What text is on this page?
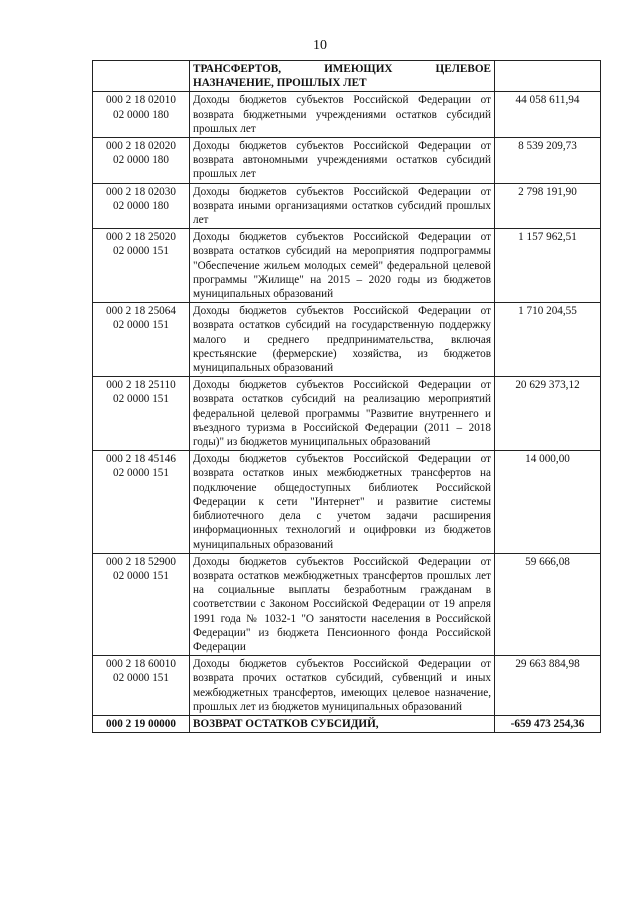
10
	ТРАНСФЕРТОВ, ИМЕЮЩИХ ЦЕЛЕВОЕ НАЗНАЧЕНИЕ, ПРОШЛЫХ ЛЕТ	
000 2 18 02010
02 0000 180	Доходы бюджетов субъектов Российской Федерации от возврата бюджетными учреждениями остатков субсидий прошлых лет	44 058 611,94
000 2 18 02020
02 0000 180	Доходы бюджетов субъектов Российской Федерации от возврата автономными учреждениями остатков субсидий прошлых лет	8 539 209,73
000 2 18 02030
02 0000 180	Доходы бюджетов субъектов Российской Федерации от возврата иными организациями остатков субсидий прошлых лет	2 798 191,90
000 2 18 25020
02 0000 151	Доходы бюджетов субъектов Российской Федерации от возврата остатков субсидий на мероприятия подпрограммы "Обеспечение жильем молодых семей" федеральной целевой программы "Жилище" на 2015 – 2020 годы из бюджетов муниципальных образований	1 157 962,51
000 2 18 25064
02 0000 151	Доходы бюджетов субъектов Российской Федерации от возврата остатков субсидий на государственную поддержку малого и среднего предпринимательства, включая крестьянские (фермерские) хозяйства, из бюджетов муниципальных образований	1 710 204,55
000 2 18 25110
02 0000 151	Доходы бюджетов субъектов Российской Федерации от возврата остатков субсидий на реализацию мероприятий федеральной целевой программы "Развитие внутреннего и въездного туризма в Российской Федерации (2011 – 2018 годы)" из бюджетов муниципальных образований	20 629 373,12
000 2 18 45146
02 0000 151	Доходы бюджетов субъектов Российской Федерации от возврата остатков иных межбюджетных трансфертов на подключение общедоступных библиотек Российской Федерации к сети "Интернет" и развитие системы библиотечного дела с учетом задачи расширения информационных технологий и оцифровки из бюджетов муниципальных образований	14 000,00
000 2 18 52900
02 0000 151	Доходы бюджетов субъектов Российской Федерации от возврата остатков межбюджетных трансфертов прошлых лет на социальные выплаты безработным гражданам в соответствии с Законом Российской Федерации от 19 апреля 1991 года № 1032-1 "О занятости населения в Российской Федерации" из бюджета Пенсионного фонда Российской Федерации	59 666,08
000 2 18 60010
02 0000 151	Доходы бюджетов субъектов Российской Федерации от возврата прочих остатков субсидий, субвенций и иных межбюджетных трансфертов, имеющих целевое назначение, прошлых лет из бюджетов муниципальных образований	29 663 884,98
000 2 19 00000	ВОЗВРАТ ОСТАТКОВ СУБСИДИЙ,	-659 473 254,36
